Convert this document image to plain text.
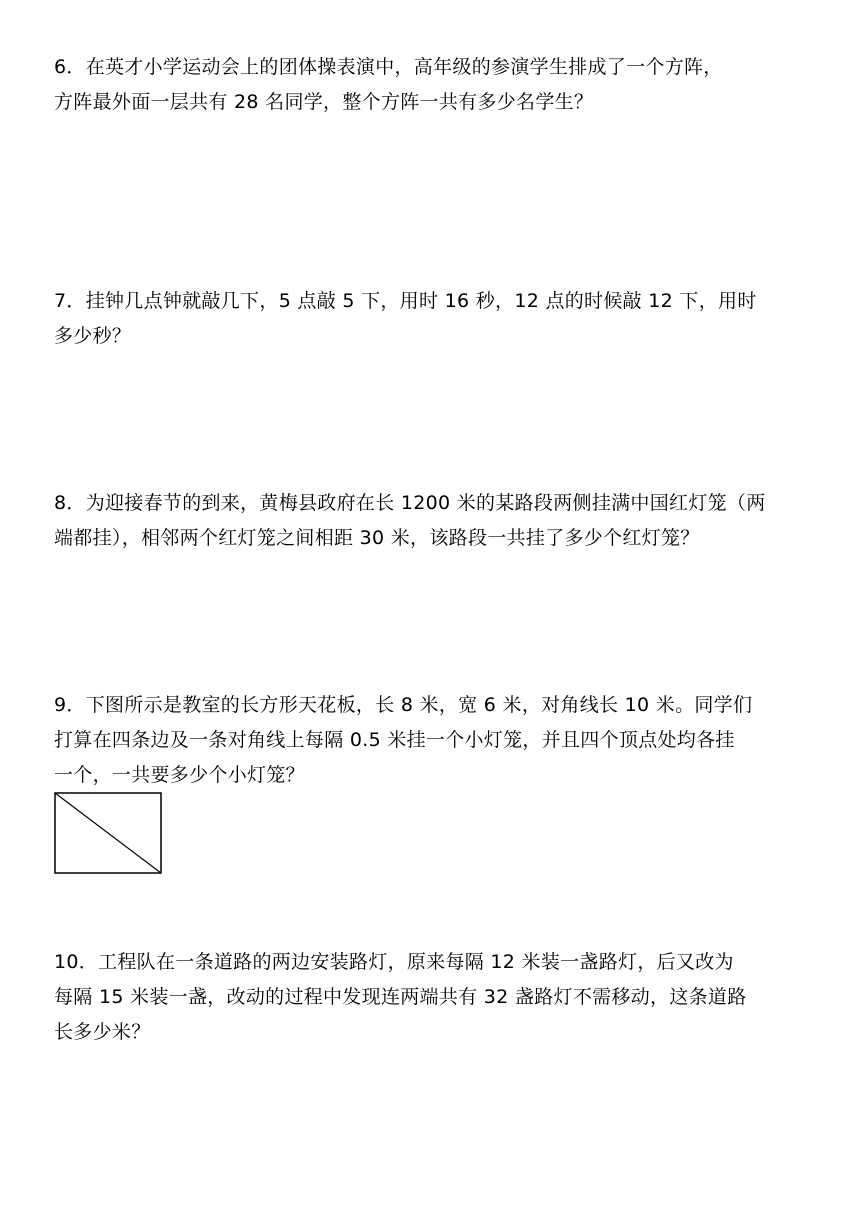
6．在英才小学运动会上的团体操表演中，高年级的参演学生排成了一个方阵，
方阵最外面一层共有 28 名同学，整个方阵一共有多少名学生？
7．挂钟几点钟就敲几下，5 点敲 5 下，用时 16 秒，12 点的时候敲 12 下，用时
多少秒？
8．为迎接春节的到来，黄梅县政府在长 1200 米的某路段两侧挂满中国红灯笼（两
端都挂），相邻两个红灯笼之间相距 30 米，该路段一共挂了多少个红灯笼？
9．下图所示是教室的长方形天花板，长 8 米，宽 6 米，对角线长 10 米。同学们
打算在四条边及一条对角线上每隔 0.5 米挂一个小灯笼，并且四个顶点处均各挂
一个，一共要多少个小灯笼？
10．工程队在一条道路的两边安装路灯，原来每隔 12 米装一盏路灯，后又改为
每隔 15 米装一盏，改动的过程中发现连两端共有 32 盏路灯不需移动，这条道路
长多少米？
